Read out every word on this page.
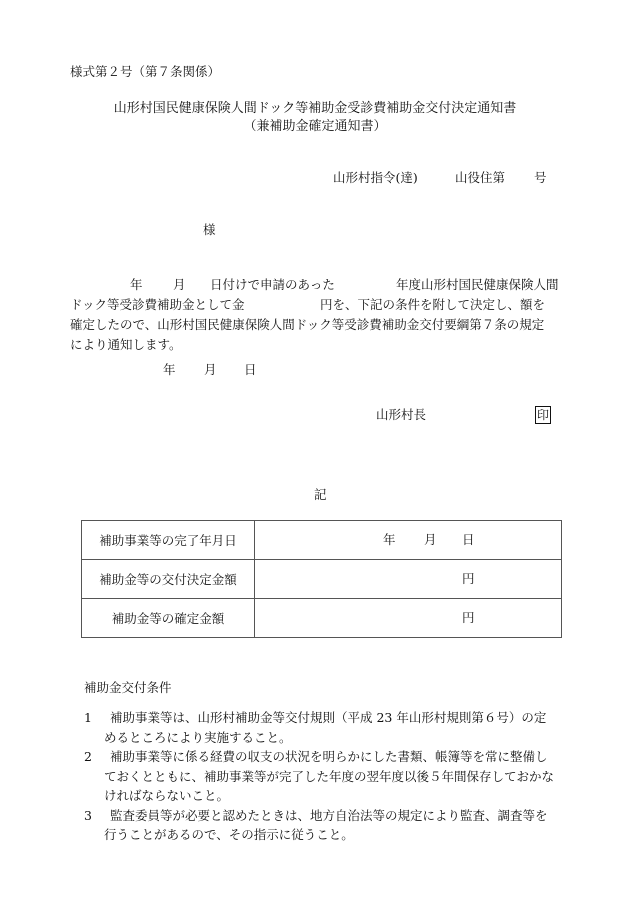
様式第２号（第７条関係）
山形村国民健康保険人間ドック等補助金受診費補助金交付決定通知書
（兼補助金確定通知書）
山形村指令(達)	山役住第 号
様
年 月 日付けで申請のあった	年度山形村国民健康保険人間
ドック等受診費補助金として金	円を、下記の条件を附して決定し、額を
確定したので、山形村国民健康保険人間ドック等受診費補助金交付要綱第７条の規定
により通知します。
年 月 日
山形村長	印
記
補助事業等の完了年月日	年 月 日

補助金等の交付決定金額	円

補助金等の確定金額	円
補助金交付条件
1 補助事業等は、山形村補助金等交付規則（平成 23 年山形村規則第６号）の定
めるところにより実施すること。
2 補助事業等に係る経費の収支の状況を明らかにした書類、帳簿等を常に整備し
ておくとともに、補助事業等が完了した年度の翌年度以後５年間保存しておかな
ければならないこと。
3 監査委員等が必要と認めたときは、地方自治法等の規定により監査、調査等を
行うことがあるので、その指示に従うこと。
